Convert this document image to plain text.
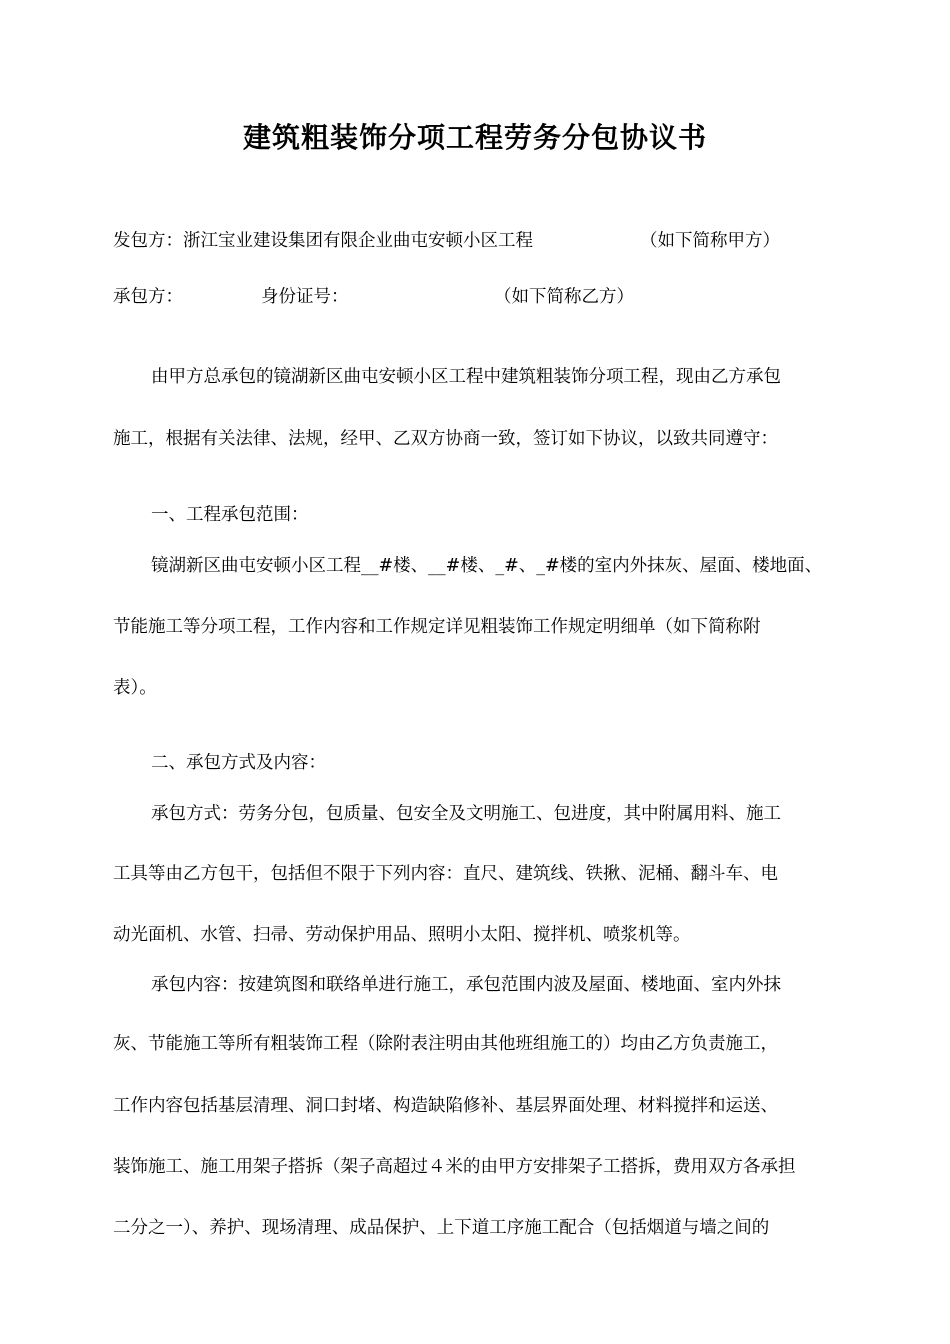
建筑粗装饰分项工程劳务分包协议书
发包方：浙江宝业建设集团有限企业曲屯安顿小区工程	（如下简称甲方）
承包方：	身份证号：	（如下简称乙方）
由甲方总承包的镜湖新区曲屯安顿小区工程中建筑粗装饰分项工程，现由乙方承包
施工，根据有关法律、法规，经甲、乙双方协商一致，签订如下协议，以致共同遵守：
一、工程承包范围：
镜湖新区曲屯安顿小区工程__#楼、__#楼、_#、_#楼的室内外抹灰、屋面、楼地面、
节能施工等分项工程，工作内容和工作规定详见粗装饰工作规定明细单（如下简称附
表）。
二、承包方式及内容：
承包方式：劳务分包，包质量、包安全及文明施工、包进度，其中附属用料、施工
工具等由乙方包干，包括但不限于下列内容：直尺、建筑线、铁揪、泥桶、翻斗车、电
动光面机、水管、扫帚、劳动保护用品、照明小太阳、搅拌机、喷浆机等。
承包内容：按建筑图和联络单进行施工，承包范围内波及屋面、楼地面、室内外抹
灰、节能施工等所有粗装饰工程（除附表注明由其他班组施工的）均由乙方负责施工，
工作内容包括基层清理、洞口封堵、构造缺陷修补、基层界面处理、材料搅拌和运送、
装饰施工、施工用架子搭拆（架子高超过４米的由甲方安排架子工搭拆，费用双方各承担
二分之一）、养护、现场清理、成品保护、上下道工序施工配合（包括烟道与墙之间的
